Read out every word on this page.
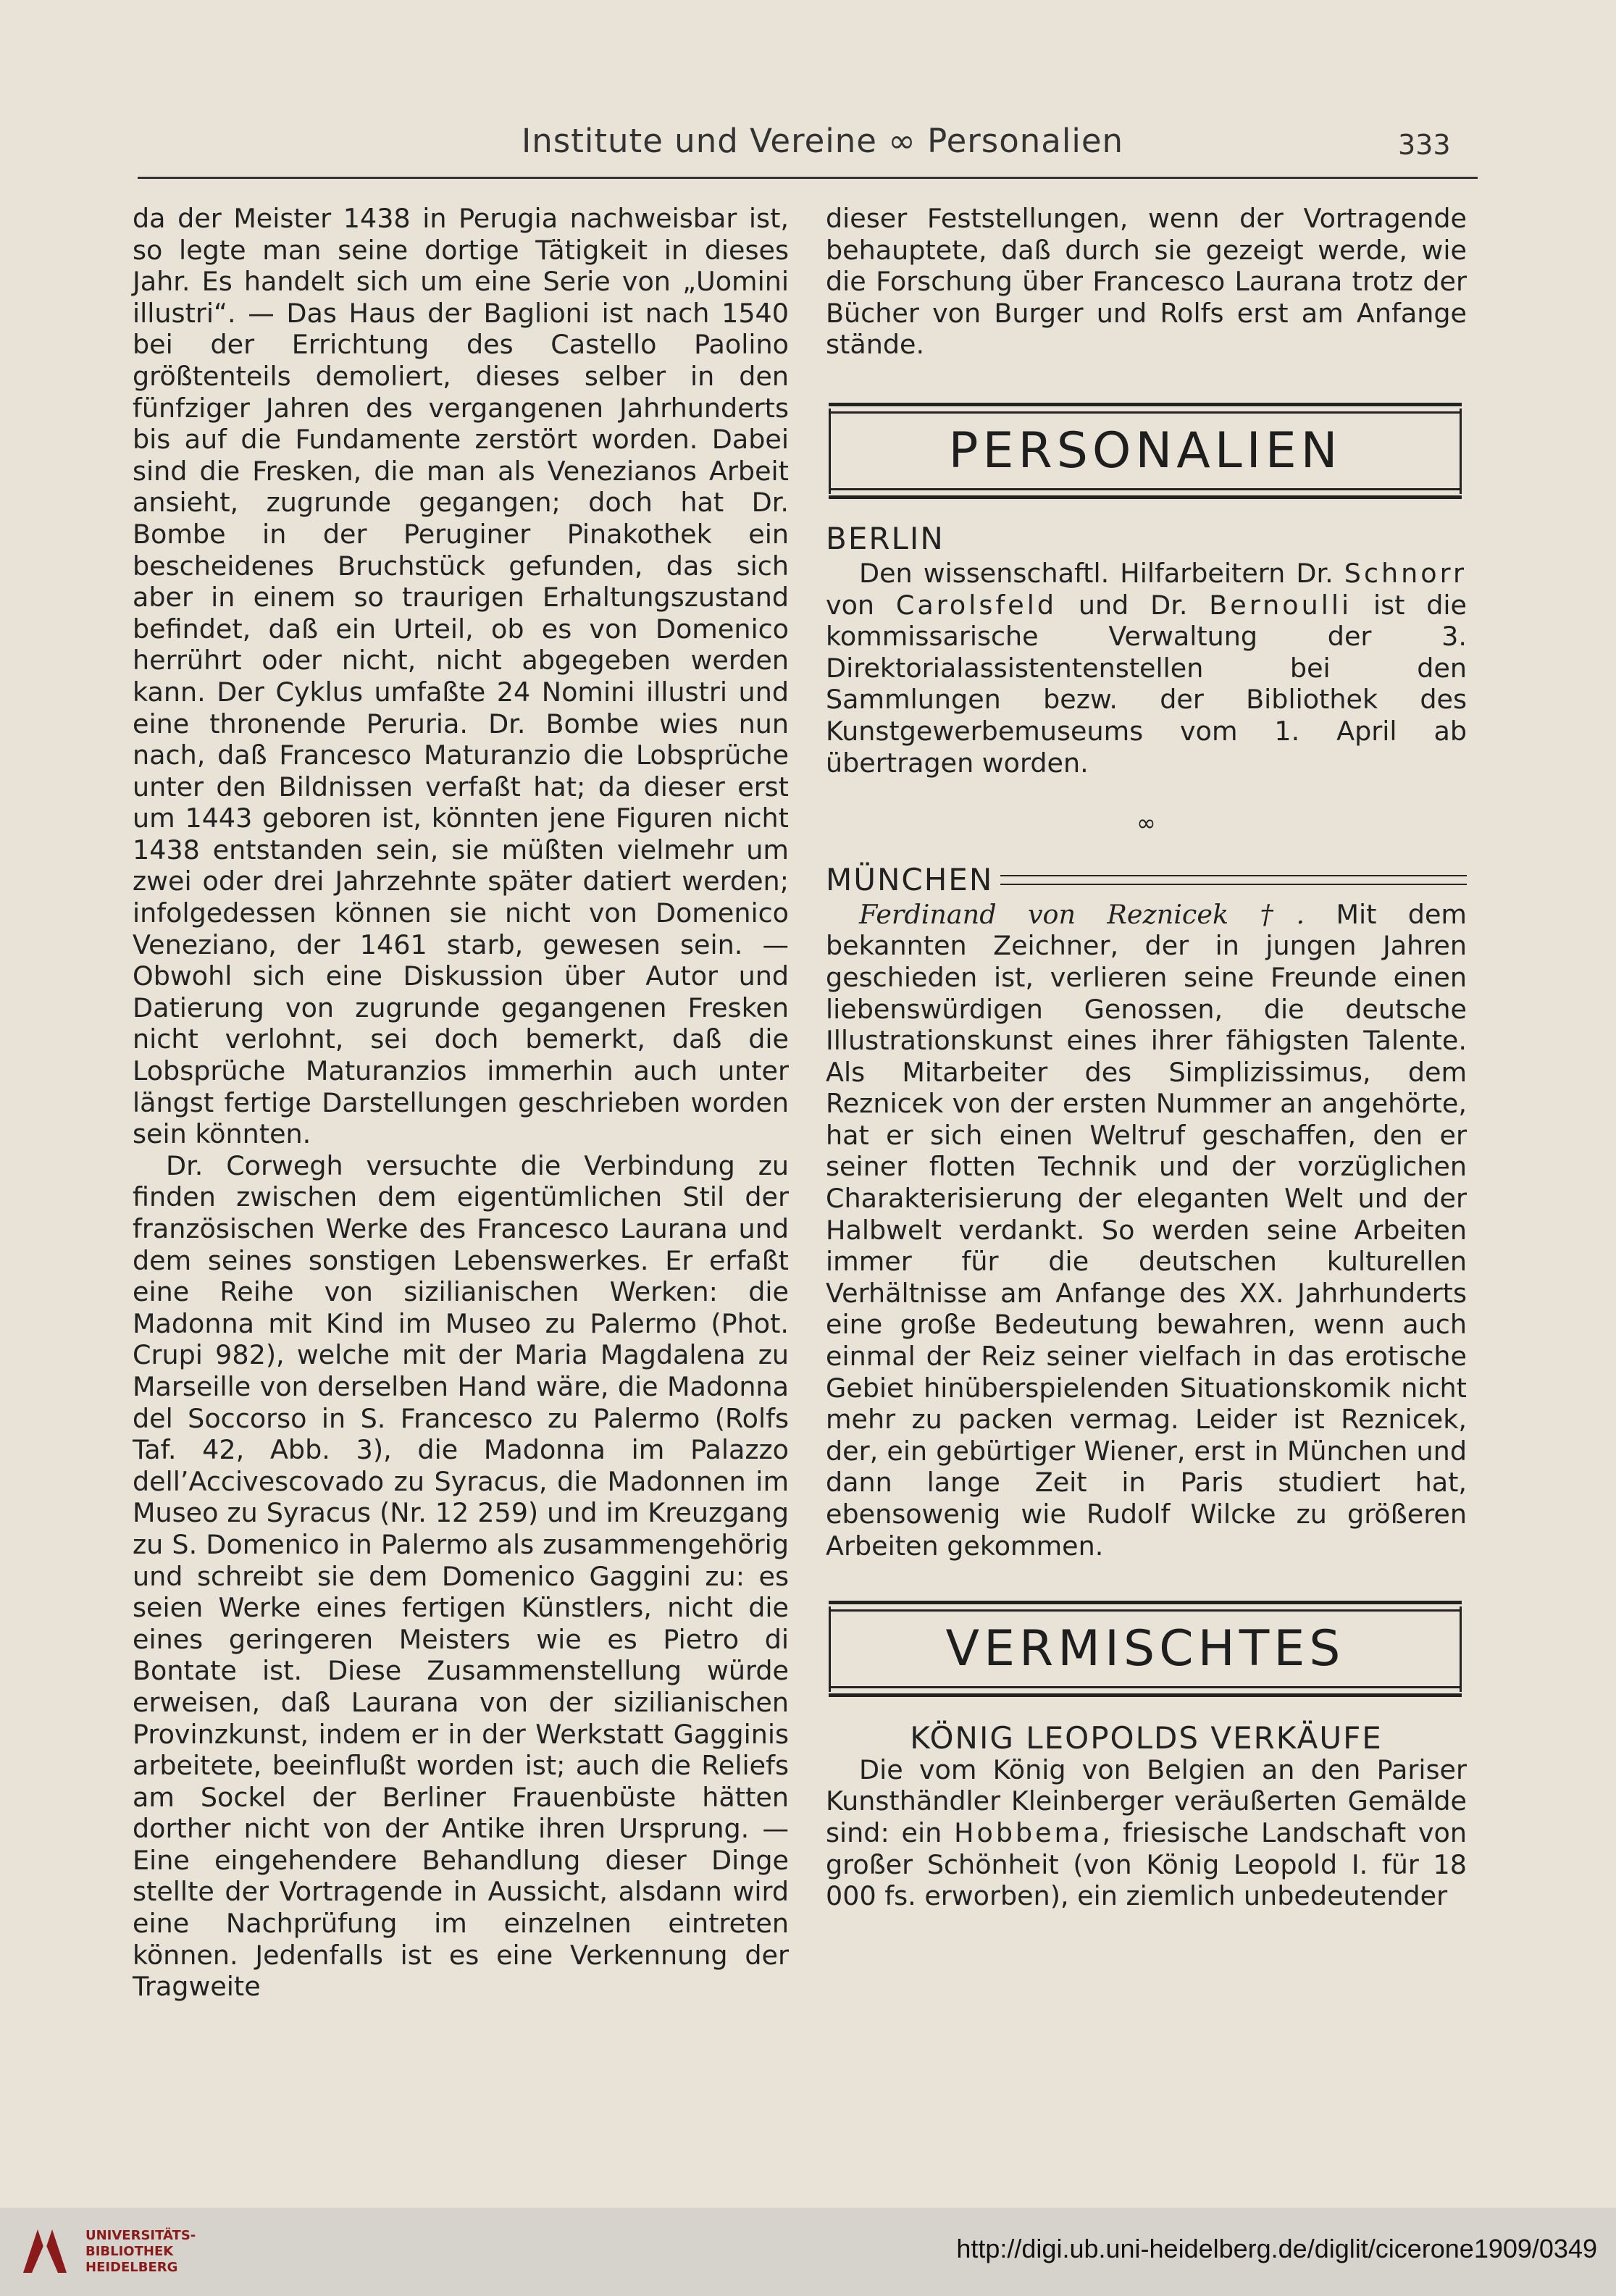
Institute und Vereine ∞ Personalien	333

da der Meister 1438 in Perugia nachweisbar ist, so legte man seine dortige Tätigkeit in dieses Jahr. Es handelt sich um eine Serie von „Uomini illustri“. — Das Haus der Baglioni ist nach 1540 bei der Errichtung des Castello Paolino größtenteils demoliert, dieses selber in den fünfziger Jahren des vergangenen Jahrhunderts bis auf die Fundamente zerstört worden. Dabei sind die Fresken, die man als Venezianos Arbeit ansieht, zugrunde gegangen; doch hat Dr. Bombe in der Peruginer Pinakothek ein bescheidenes Bruchstück gefunden, das sich aber in einem so traurigen Erhaltungszustand befindet, daß ein Urteil, ob es von Domenico herrührt oder nicht, nicht abgegeben werden kann. Der Cyklus umfaßte 24 Nomini illustri und eine thronende Peruria. Dr. Bombe wies nun nach, daß Francesco Maturanzio die Lobsprüche unter den Bildnissen verfaßt hat; da dieser erst um 1443 geboren ist, könnten jene Figuren nicht 1438 entstanden sein, sie müßten vielmehr um zwei oder drei Jahrzehnte später datiert werden; infolgedessen können sie nicht von Domenico Veneziano, der 1461 starb, gewesen sein. — Obwohl sich eine Diskussion über Autor und Datierung von zugrunde gegangenen Fresken nicht verlohnt, sei doch bemerkt, daß die Lobsprüche Maturanzios immerhin auch unter längst fertige Darstellungen geschrieben worden sein könnten.

Dr. Corwegh versuchte die Verbindung zu finden zwischen dem eigentümlichen Stil der französischen Werke des Francesco Laurana und dem seines sonstigen Lebenswerkes. Er erfaßt eine Reihe von sizilianischen Werken: die Madonna mit Kind im Museo zu Palermo (Phot. Crupi 982), welche mit der Maria Magdalena zu Marseille von derselben Hand wäre, die Madonna del Soccorso in S. Francesco zu Palermo (Rolfs Taf. 42, Abb. 3), die Madonna im Palazzo dell’Accivescovado zu Syracus, die Madonnen im Museo zu Syracus (Nr. 12 259) und im Kreuzgang zu S. Domenico in Palermo als zusammengehörig und schreibt sie dem Domenico Gaggini zu: es seien Werke eines fertigen Künstlers, nicht die eines geringeren Meisters wie es Pietro di Bontate ist. Diese Zusammenstellung würde erweisen, daß Laurana von der sizilianischen Provinzkunst, indem er in der Werkstatt Gagginis arbeitete, beeinflußt worden ist; auch die Reliefs am Sockel der Berliner Frauenbüste hätten dorther nicht von der Antike ihren Ursprung. — Eine eingehendere Behandlung dieser Dinge stellte der Vortragende in Aussicht, alsdann wird eine Nachprüfung im einzelnen eintreten können. Jedenfalls ist es eine Verkennung der Tragweite

dieser Feststellungen, wenn der Vortragende behauptete, daß durch sie gezeigt werde, wie die Forschung über Francesco Laurana trotz der Bücher von Burger und Rolfs erst am Anfange stände.

PERSONALIEN

BERLIN

Den wissenschaftl. Hilfarbeitern Dr. Schnorr von Carolsfeld und Dr. Bernoulli ist die kommissarische Verwaltung der 3. Direktorialassistentenstellen bei den Sammlungen bezw. der Bibliothek des Kunstgewerbemuseums vom 1. April ab übertragen worden.

∞

MÜNCHEN

Ferdinand von Reznicek †. Mit dem bekannten Zeichner, der in jungen Jahren geschieden ist, verlieren seine Freunde einen liebenswürdigen Genossen, die deutsche Illustrationskunst eines ihrer fähigsten Talente. Als Mitarbeiter des Simplizissimus, dem Reznicek von der ersten Nummer an angehörte, hat er sich einen Weltruf geschaffen, den er seiner flotten Technik und der vorzüglichen Charakterisierung der eleganten Welt und der Halbwelt verdankt. So werden seine Arbeiten immer für die deutschen kulturellen Verhältnisse am Anfange des XX. Jahrhunderts eine große Bedeutung bewahren, wenn auch einmal der Reiz seiner vielfach in das erotische Gebiet hinüberspielenden Situationskomik nicht mehr zu packen vermag. Leider ist Reznicek, der, ein gebürtiger Wiener, erst in München und dann lange Zeit in Paris studiert hat, ebensowenig wie Rudolf Wilcke zu größeren Arbeiten gekommen.

VERMISCHTES

KÖNIG LEOPOLDS VERKÄUFE

Die vom König von Belgien an den Pariser Kunsthändler Kleinberger veräußerten Gemälde sind: ein Hobbema, friesische Landschaft von großer Schönheit (von König Leopold I. für 18 000 fs. erworben), ein ziemlich unbedeutender

UNIVERSITÄTS-
BIBLIOTHEK
HEIDELBERG
http://digi.ub.uni-heidelberg.de/diglit/cicerone1909/0349
